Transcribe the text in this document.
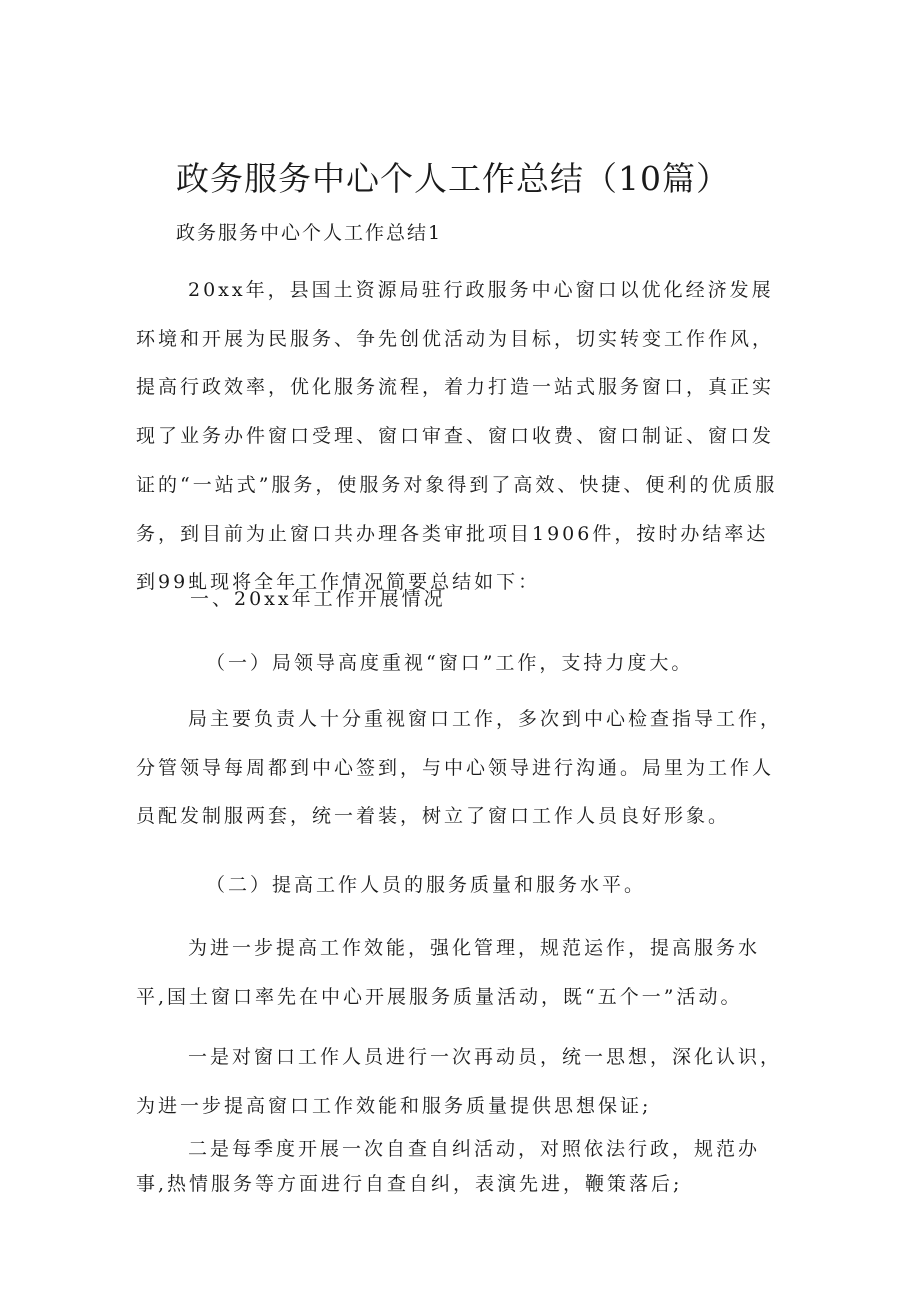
政务服务中心个人工作总结（10篇）

政务服务中心个人工作总结1

20xx年，县国土资源局驻行政服务中心窗口以优化经济发展环境和开展为民服务、争先创优活动为目标，切实转变工作作风，提高行政效率，优化服务流程，着力打造一站式服务窗口，真正实现了业务办件窗口受理、窗口审查、窗口收费、窗口制证、窗口发证的“一站式”服务，使服务对象得到了高效、快捷、便利的优质服务，到目前为止窗口共办理各类审批项目1906件，按时办结率达到99虬现将全年工作情况简要总结如下：

一、20xx年工作开展情况

（一）局领导高度重视“窗口”工作，支持力度大。

局主要负责人十分重视窗口工作，多次到中心检查指导工作，分管领导每周都到中心签到，与中心领导进行沟通。局里为工作人员配发制服两套，统一着装，树立了窗口工作人员良好形象。

（二）提高工作人员的服务质量和服务水平。

为进一步提高工作效能，强化管理，规范运作，提高服务水平,国土窗口率先在中心开展服务质量活动，既“五个一”活动。

一是对窗口工作人员进行一次再动员，统一思想，深化认识，为进一步提高窗口工作效能和服务质量提供思想保证;

二是每季度开展一次自查自纠活动，对照依法行政，规范办事,热情服务等方面进行自查自纠，表演先进，鞭策落后;
